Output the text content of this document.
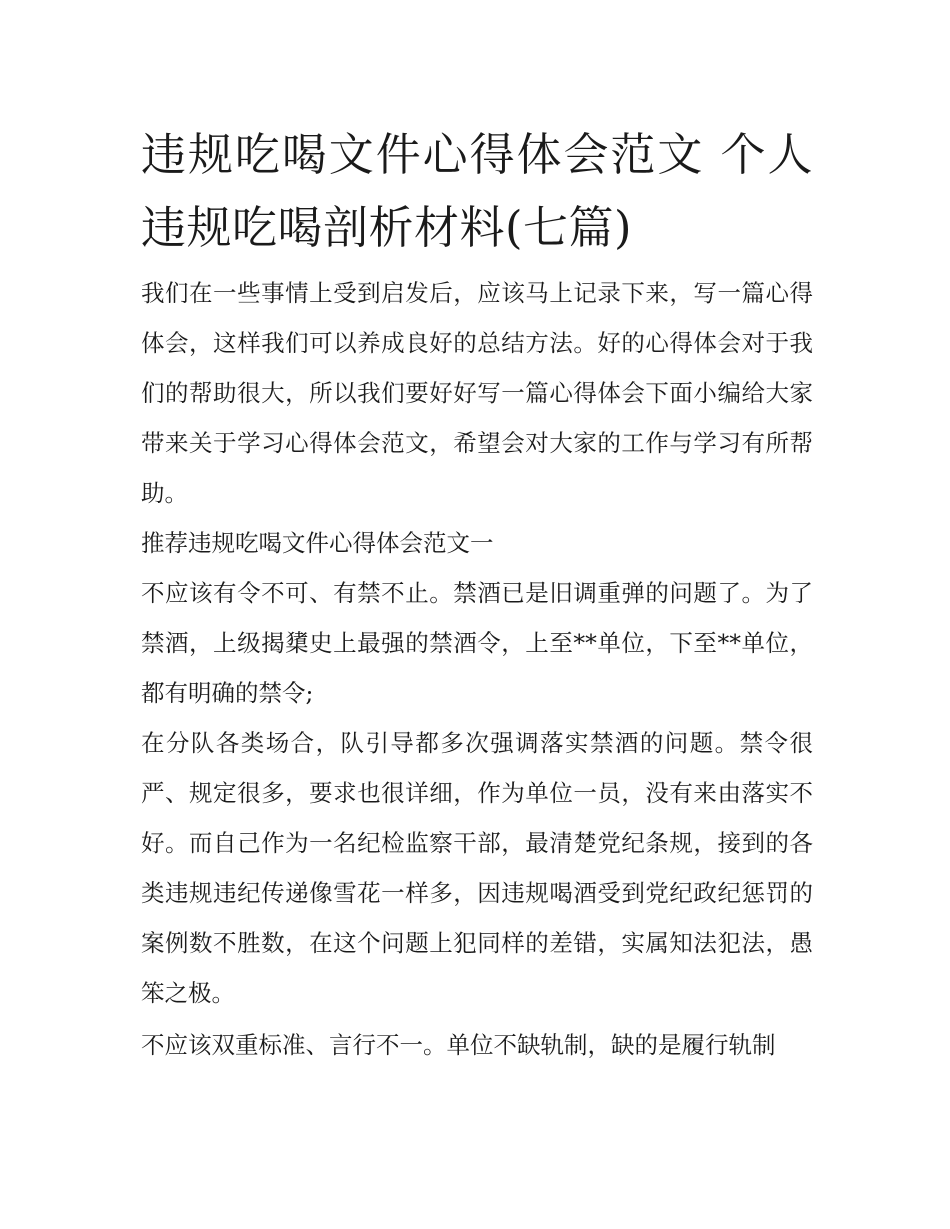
违规吃喝文件心得体会范文 个人违规吃喝剖析材料(七篇)

我们在一些事情上受到启发后，应该马上记录下来，写一篇心得体会，这样我们可以养成良好的总结方法。好的心得体会对于我们的帮助很大，所以我们要好好写一篇心得体会下面小编给大家带来关于学习心得体会范文，希望会对大家的工作与学习有所帮助。

推荐违规吃喝文件心得体会范文一

不应该有令不可、有禁不止。禁酒已是旧调重弹的问题了。为了禁酒，上级揭橥史上最强的禁酒令，上至**单位，下至**单位，都有明确的禁令;

在分队各类场合，队引导都多次强调落实禁酒的问题。禁令很严、规定很多，要求也很详细，作为单位一员，没有来由落实不好。而自己作为一名纪检监察干部，最清楚党纪条规，接到的各类违规违纪传递像雪花一样多，因违规喝酒受到党纪政纪惩罚的案例数不胜数，在这个问题上犯同样的差错，实属知法犯法，愚笨之极。

不应该双重标准、言行不一。单位不缺轨制，缺的是履行轨制
